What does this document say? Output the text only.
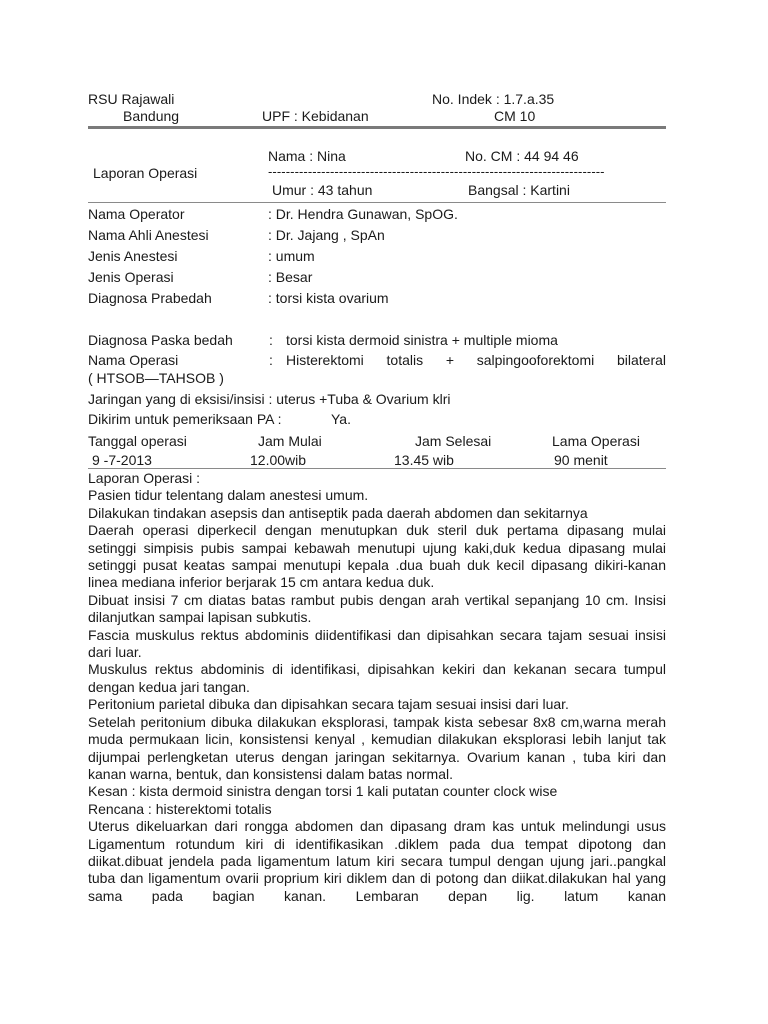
RSU Rajawali
Bandung	UPF : Kebidanan
No. Indek : 1.7.a.35
CM 10
Laporan Operasi
Nama : Nina	No. CM : 44 94 46
----------------------------------------------------------------------------
Umur : 43 tahun	Bangsal : Kartini
Nama Operator	: Dr. Hendra Gunawan, SpOG.
Nama Ahli Anestesi	: Dr. Jajang , SpAn
Jenis Anestesi	: umum
Jenis Operasi	: Besar
Diagnosa Prabedah	: torsi kista ovarium
Diagnosa Paska bedah	: torsi kista dermoid sinistra + multiple mioma
Nama Operasi	: Histerektomi totalis + salpingooforektomi bilateral
( HTSOB—TAHSOB )
Jaringan yang di eksisi/insisi : uterus +Tuba & Ovarium klri
Dikirim untuk pemeriksaan PA :	Ya.
Tanggal operasi	Jam Mulai	Jam Selesai	Lama Operasi
9 -7-2013	12.00wib	13.45 wib	90 menit

Laporan Operasi :

Pasien tidur telentang dalam anestesi umum.

Dilakukan tindakan asepsis dan antiseptik pada daerah abdomen dan sekitarnya

Daerah operasi diperkecil dengan menutupkan duk steril duk pertama dipasang mulai setinggi simpisis pubis sampai kebawah menutupi ujung kaki,duk kedua dipasang mulai setinggi pusat keatas sampai menutupi kepala .dua buah duk kecil dipasang dikiri-kanan linea mediana inferior berjarak 15 cm antara kedua duk.

Dibuat insisi 7 cm diatas batas rambut pubis dengan arah vertikal sepanjang 10 cm. Insisi dilanjutkan sampai lapisan subkutis.

Fascia muskulus rektus abdominis diidentifikasi dan dipisahkan secara tajam sesuai insisi dari luar.

Muskulus rektus abdominis di identifikasi, dipisahkan kekiri dan kekanan secara tumpul dengan kedua jari tangan.

Peritonium parietal dibuka dan dipisahkan secara tajam sesuai insisi dari luar.

Setelah peritonium dibuka dilakukan eksplorasi, tampak kista sebesar 8x8 cm,warna merah muda permukaan licin, konsistensi kenyal , kemudian dilakukan eksplorasi lebih lanjut tak dijumpai perlengketan uterus dengan jaringan sekitarnya. Ovarium kanan , tuba kiri dan kanan warna, bentuk, dan konsistensi dalam batas normal.

Kesan : kista dermoid sinistra dengan torsi 1 kali putatan counter clock wise

Rencana : histerektomi totalis

Uterus dikeluarkan dari rongga abdomen dan dipasang dram kas untuk melindungi usus Ligamentum rotundum kiri di identifikasikan .diklem pada dua tempat dipotong dan diikat.dibuat jendela pada ligamentum latum kiri secara tumpul dengan ujung jari..pangkal tuba dan ligamentum ovarii proprium kiri diklem dan di potong dan diikat.dilakukan hal yang sama pada bagian kanan. Lembaran depan lig. latum kanan
